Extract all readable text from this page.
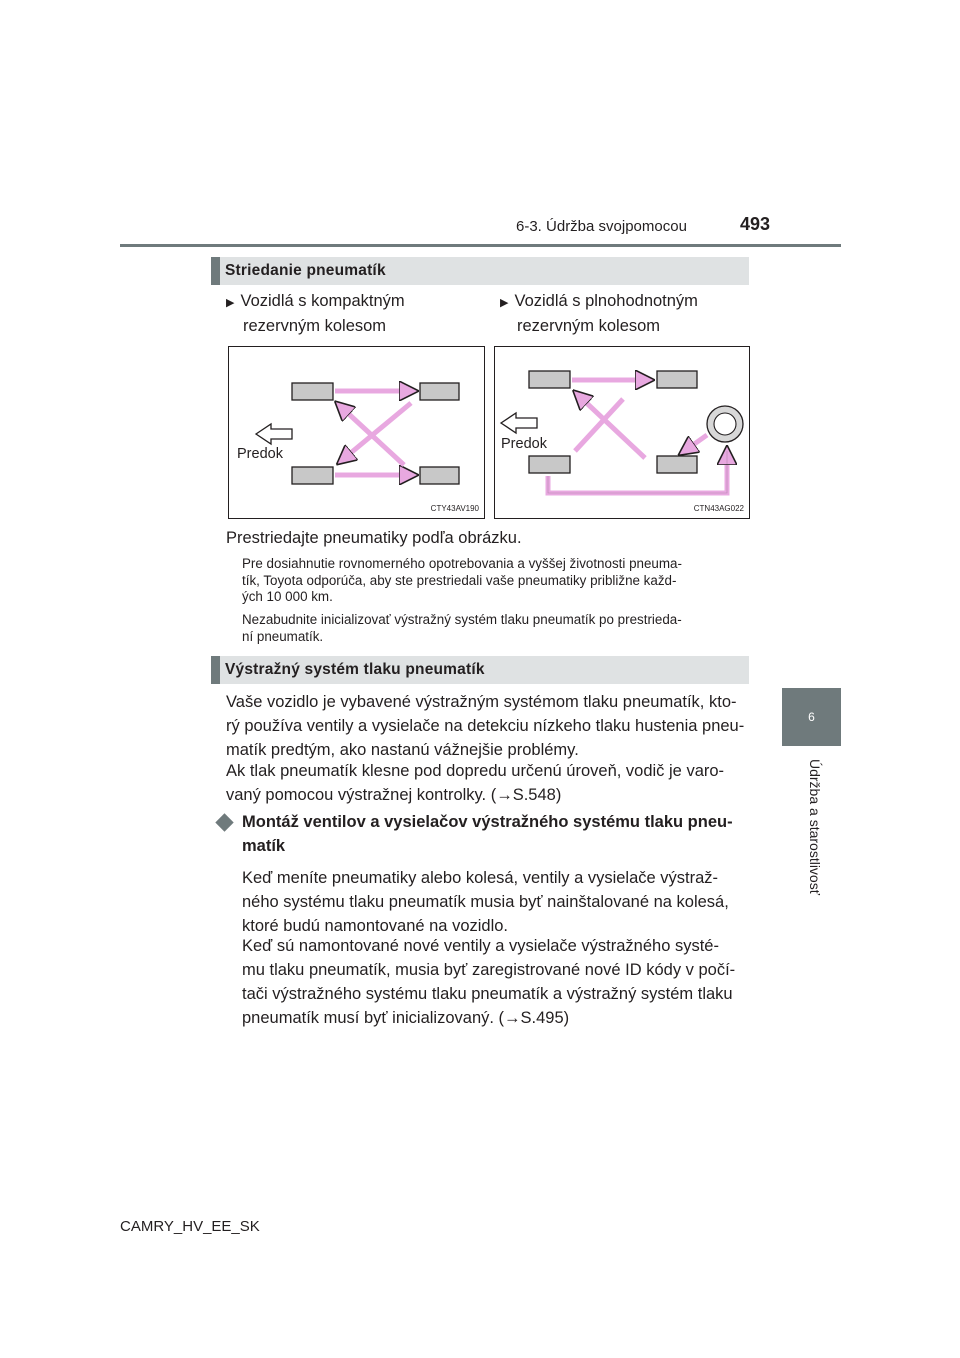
6-3. Údržba svojpomocou	493
6
Údržba a starostlivosť
Striedanie pneumatík
▶ Vozidlá s kompaktným
rezervným kolesom
▶ Vozidlá s plnohodnotným
rezervným kolesom
Predok
CTY43AV190
Predok
CTN43AG022
Prestriedajte pneumatiky podľa obrázku.
Pre dosiahnutie rovnomerného opotrebovania a vyššej životnosti pneuma-
tík, Toyota odporúča, aby ste prestriedali vaše pneumatiky približne každ-
ých 10 000 km.
Nezabudnite inicializovať výstražný systém tlaku pneumatík po prestrieda-
ní pneumatík.
Výstražný systém tlaku pneumatík
Vaše vozidlo je vybavené výstražným systémom tlaku pneumatík, kto-
rý používa ventily a vysielače na detekciu nízkeho tlaku hustenia pneu-
matík predtým, ako nastanú vážnejšie problémy.
Ak tlak pneumatík klesne pod dopredu určenú úroveň, vodič je varo-
vaný pomocou výstražnej kontrolky. (→S.548)
Montáž ventilov a vysielačov výstražného systému tlaku pneu-
matík
Keď meníte pneumatiky alebo kolesá, ventily a vysielače výstraž-
ného systému tlaku pneumatík musia byť nainštalované na kolesá,
ktoré budú namontované na vozidlo.
Keď sú namontované nové ventily a vysielače výstražného systé-
mu tlaku pneumatík, musia byť zaregistrované nové ID kódy v počí-
tači výstražného systému tlaku pneumatík a výstražný systém tlaku
pneumatík musí byť inicializovaný. (→S.495)
CAMRY_HV_EE_SK
